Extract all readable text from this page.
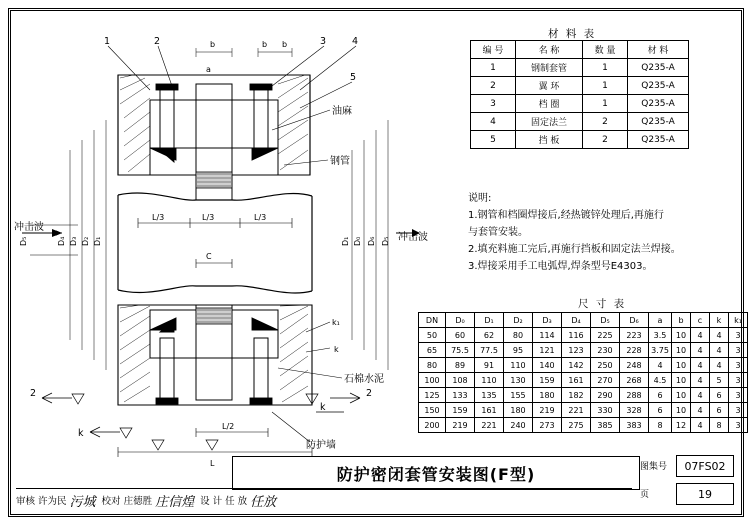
1	2	3	4
5
油麻
钢管
石棉水泥
防护墙
冲击波
冲击波
L/3	L/3	L/3
C
L/2
L
b	b b
a
D₅	D₄ D₃ D₂ D₁	D₁ D₀ D₆ D₅
k₁
k
2
k
2
k
材 料 表
编 号	名 称	数 量	材 料
1	钢制套管	1	Q235-A
2	翼 环	1	Q235-A
3	档 圈	1	Q235-A
4	固定法兰	2	Q235-A
5	挡 板	2	Q235-A
说明:
1.钢管和档圈焊接后,经热镀锌处理后,再施行
与套管安装。
2.填充料施工完后,再施行挡板和固定法兰焊接。
3.焊接采用手工电弧焊,焊条型号E4303。
尺 寸 表
DN	D₀	D₁	D₂	D₃	D₄	D₅	D₆	a	b	c	k	k₁
50	60	62	80	114	116	225	223	3.5	10	4	4	3
65	75.5	77.5	95	121	123	230	228	3.75	10	4	4	3
80	89	91	110	140	142	250	248	4	10	4	4	3
100	108	110	130	159	161	270	268	4.5	10	4	5	3
125	133	135	155	180	182	290	288	6	10	4	6	3
150	159	161	180	219	221	330	328	6	10	4	6	3
200	219	221	240	273	275	385	383	8	12	4	8	3
防护密闭套管安装图(F型)	图集号	07FS02
页	19
审核 许为民 污城 校对 庄德胜 庄信煌 设 计 任 放 任放
